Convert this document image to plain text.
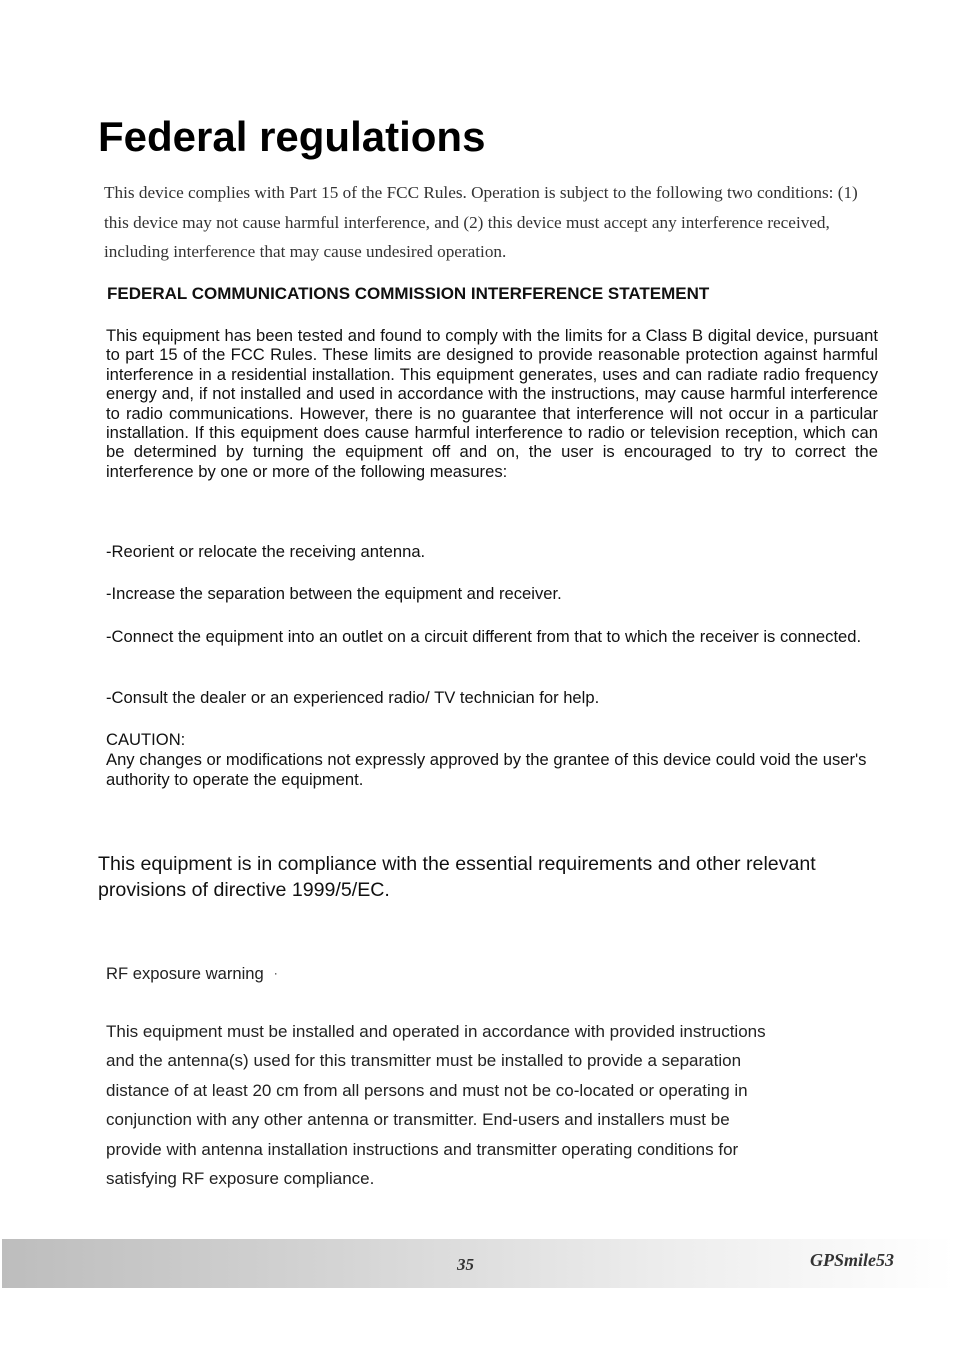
Federal regulations

This device complies with Part 15 of the FCC Rules. Operation is subject to the following two conditions: (1) this device may not cause harmful interference, and (2) this device must accept any interference received, including interference that may cause undesired operation.

FEDERAL COMMUNICATIONS COMMISSION INTERFERENCE STATEMENT

This equipment has been tested and found to comply with the limits for a Class B digital device, pursuant to part 15 of the FCC Rules. These limits are designed to provide reasonable protection against harmful interference in a residential installation. This equipment generates, uses and can radiate radio frequency energy and, if not installed and used in accordance with the instructions, may cause harmful interference to radio communications. However, there is no guarantee that interference will not occur in a particular installation. If this equipment does cause harmful interference to radio or television reception, which can be determined by turning the equipment off and on, the user is encouraged to try to correct the interference by one or more of the following measures:

-Reorient or relocate the receiving antenna.

-Increase the separation between the equipment and receiver.

-Connect the equipment into an outlet on a circuit different from that to which the receiver is connected.

-Consult the dealer or an experienced radio/ TV technician for help.

CAUTION:
Any changes or modifications not expressly approved by the grantee of this device could void the user's authority to operate the equipment.

This equipment is in compliance with the essential requirements and other relevant provisions of directive 1999/5/EC.

RF exposure warning ·

This equipment must be installed and operated in accordance with provided instructions
and the antenna(s) used for this transmitter must be installed to provide a separation
distance of at least 20 cm from all persons and must not be co-located or operating in
conjunction with any other antenna or transmitter. End-users and installers must be
provide with antenna installation instructions and transmitter operating conditions for
satisfying RF exposure compliance.
35	GPSmile53
